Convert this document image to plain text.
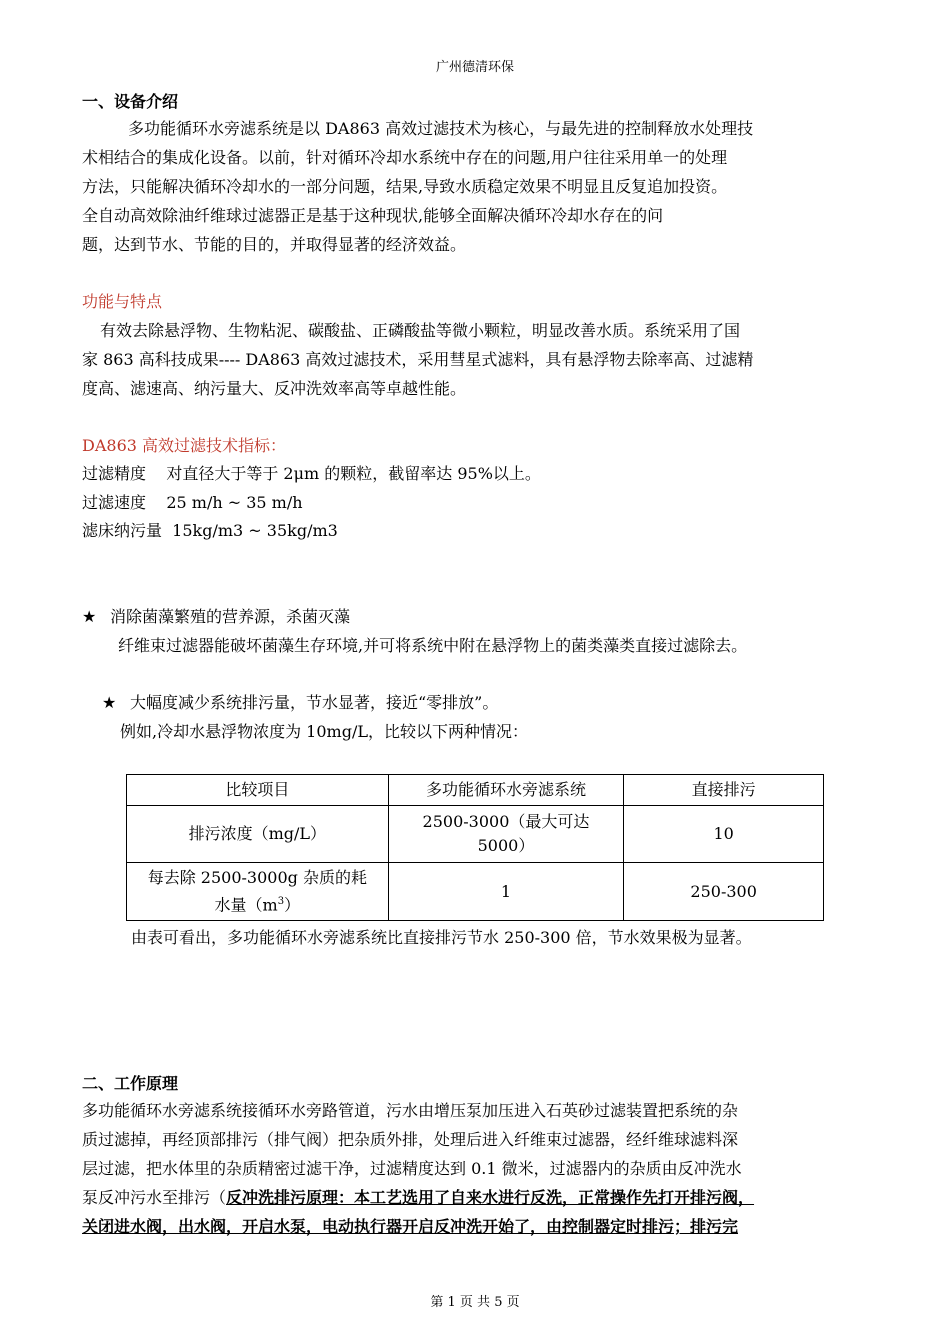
广州德清环保
一、设备介绍
多功能循环水旁滤系统是以 DA863 高效过滤技术为核心，与最先进的控制释放水处理技
术相结合的集成化设备。以前，针对循环冷却水系统中存在的问题,用户往往采用单一的处理
方法，只能解决循环冷却水的一部分问题，结果,导致水质稳定效果不明显且反复追加投资。
全自动高效除油纤维球过滤器正是基于这种现状,能够全面解决循环冷却水存在的问
题，达到节水、节能的目的，并取得显著的经济效益。
功能与特点
有效去除悬浮物、生物粘泥、碳酸盐、正磷酸盐等微小颗粒，明显改善水质。系统采用了国
家 863 高科技成果---- DA863 高效过滤技术，采用彗星式滤料，具有悬浮物去除率高、过滤精
度高、滤速高、纳污量大、反冲洗效率高等卓越性能。
DA863 高效过滤技术指标：
过滤精度    对直径大于等于 2μm 的颗粒，截留率达 95%以上。
过滤速度    25 m/h ~ 35 m/h
滤床纳污量  15kg/m3 ~ 35kg/m3
★ 消除菌藻繁殖的营养源，杀菌灭藻
纤维束过滤器能破坏菌藻生存环境,并可将系统中附在悬浮物上的菌类藻类直接过滤除去。
★ 大幅度减少系统排污量，节水显著，接近“零排放”。
例如,冷却水悬浮物浓度为 10mg/L，比较以下两种情况：
比较项目	多功能循环水旁滤系统	直接排污
排污浓度（mg/L）	2500-3000（最大可达
5000）	10
每去除 2500-3000g 杂质的耗
水量$(m^3)$	1	250-300
由表可看出，多功能循环水旁滤系统比直接排污节水 250-300 倍，节水效果极为显著。
二、工作原理
多功能循环水旁滤系统接循环水旁路管道，污水由增压泵加压进入石英砂过滤装置把系统的杂
质过滤掉，再经顶部排污（排气阀）把杂质外排，处理后进入纤维束过滤器，经纤维球滤料深
层过滤，把水体里的杂质精密过滤干净，过滤精度达到 0.1 微米，过滤器内的杂质由反冲洗水
泵反冲污水至排污（反冲洗排污原理：本工艺选用了自来水进行反洗，正常操作先打开排污阀，
关闭进水阀，出水阀，开启水泵，电动执行器开启反冲洗开始了，由控制器定时排污；排污完
第 1 页 共 5 页
